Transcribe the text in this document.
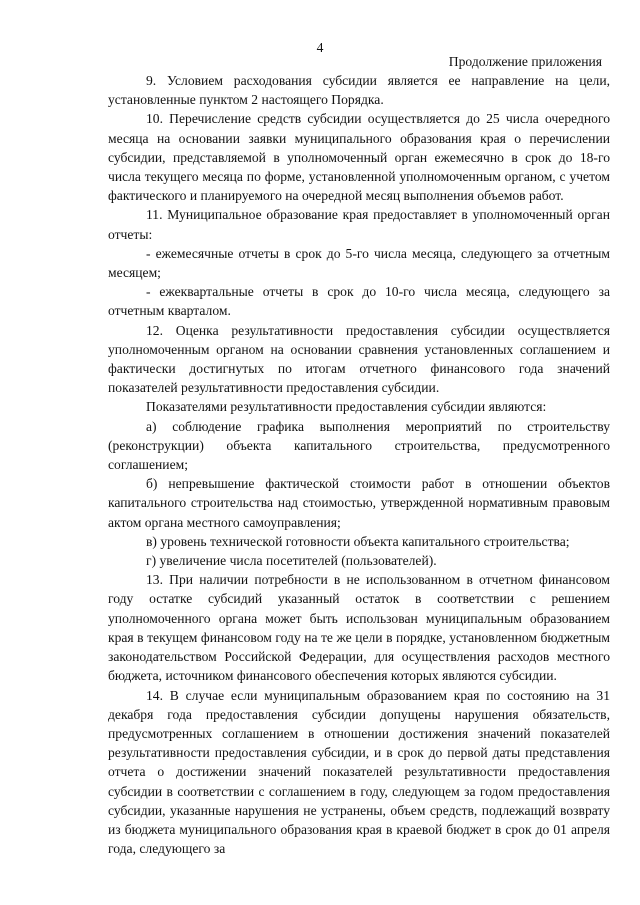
4
Продолжение приложения

9. Условием расходования субсидии является ее направление на цели, установленные пунктом 2 настоящего Порядка.

10. Перечисление средств субсидии осуществляется до 25 числа очередного месяца на основании заявки муниципального образования края о перечислении субсидии, представляемой в уполномоченный орган ежемесячно в срок до 18-го числа текущего месяца по форме, установленной уполномоченным органом, с учетом фактического и планируемого на очередной месяц выполнения объемов работ.

11. Муниципальное образование края предоставляет в уполномоченный орган отчеты:

- ежемесячные отчеты в срок до 5-го числа месяца, следующего за отчетным месяцем;

- ежеквартальные отчеты в срок до 10-го числа месяца, следующего за отчетным кварталом.

12. Оценка результативности предоставления субсидии осуществляется уполномоченным органом на основании сравнения установленных соглашением и фактически достигнутых по итогам отчетного финансового года значений показателей результативности предоставления субсидии.

Показателями результативности предоставления субсидии являются:

а) соблюдение графика выполнения мероприятий по строительству (реконструкции) объекта капитального строительства, предусмотренного соглашением;

б) непревышение фактической стоимости работ в отношении объектов капитального строительства над стоимостью, утвержденной нормативным правовым актом органа местного самоуправления;

в) уровень технической готовности объекта капитального строительства;

г) увеличение числа посетителей (пользователей).

13. При наличии потребности в не использованном в отчетном финансовом году остатке субсидий указанный остаток в соответствии с решением уполномоченного органа может быть использован муниципальным образованием края в текущем финансовом году на те же цели в порядке, установленном бюджетным законодательством Российской Федерации, для осуществления расходов местного бюджета, источником финансового обеспечения которых являются субсидии.

14. В случае если муниципальным образованием края по состоянию на 31 декабря года предоставления субсидии допущены нарушения обязательств, предусмотренных соглашением в отношении достижения значений показателей результативности предоставления субсидии, и в срок до первой даты представления отчета о достижении значений показателей результативности предоставления субсидии в соответствии с соглашением в году, следующем за годом предоставления субсидии, указанные нарушения не устранены, объем средств, подлежащий возврату из бюджета муниципального образования края в краевой бюджет в срок до 01 апреля года, следующего за
